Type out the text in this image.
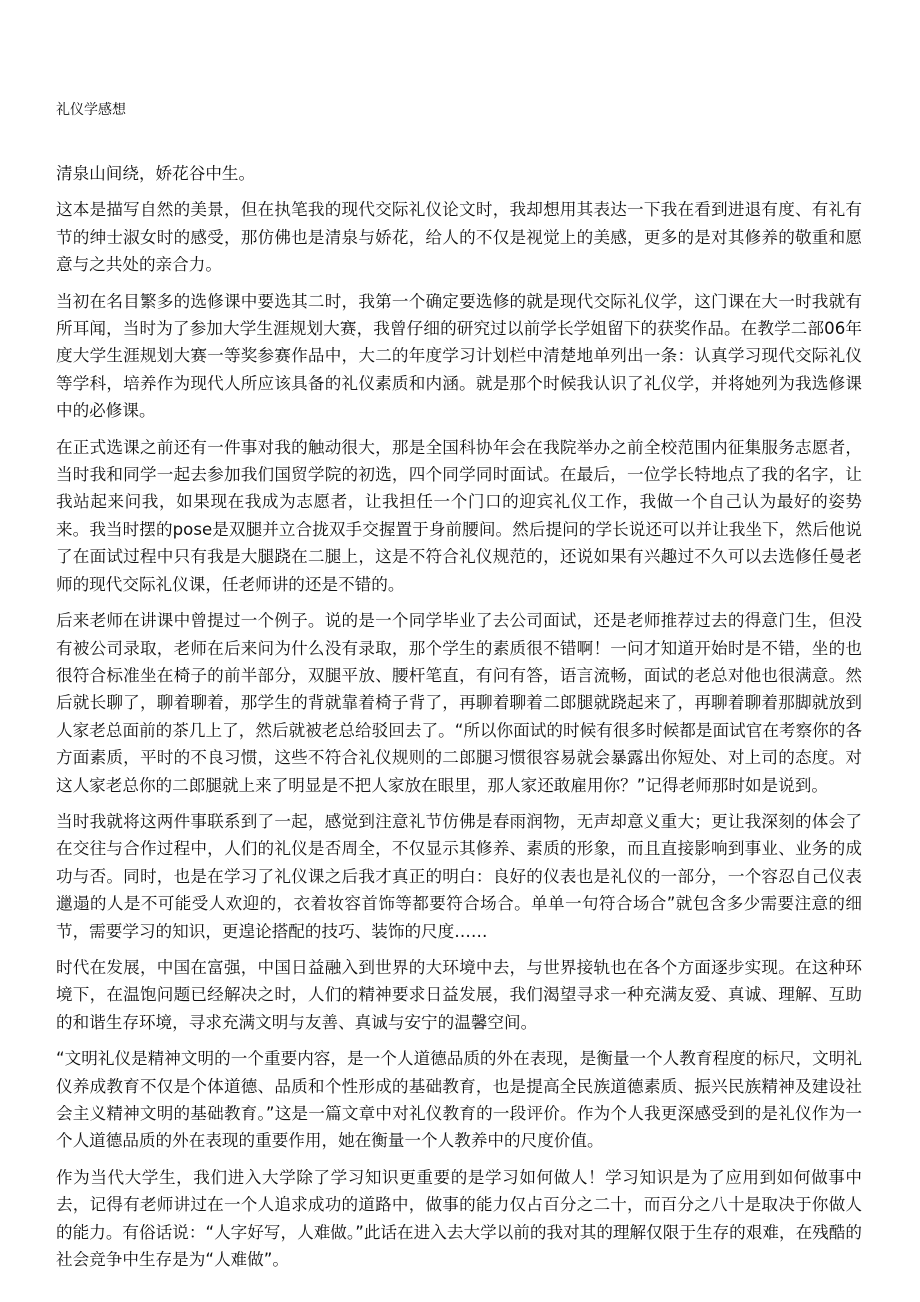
礼仪学感想

清泉山间绕，娇花谷中生。

这本是描写自然的美景，但在执笔我的现代交际礼仪论文时，我却想用其表达一下我在看到进退有度、有礼有节的绅士淑女时的感受，那仿佛也是清泉与娇花，给人的不仅是视觉上的美感，更多的是对其修养的敬重和愿意与之共处的亲合力。

当初在名目繁多的选修课中要选其二时，我第一个确定要选修的就是现代交际礼仪学，这门课在大一时我就有所耳闻，当时为了参加大学生涯规划大赛，我曾仔细的研究过以前学长学姐留下的获奖作品。在教学二部06年度大学生涯规划大赛一等奖参赛作品中，大二的年度学习计划栏中清楚地单列出一条：认真学习现代交际礼仪等学科，培养作为现代人所应该具备的礼仪素质和内涵。就是那个时候我认识了礼仪学，并将她列为我选修课中的必修课。

在正式选课之前还有一件事对我的触动很大，那是全国科协年会在我院举办之前全校范围内征集服务志愿者，当时我和同学一起去参加我们国贸学院的初选，四个同学同时面试。在最后，一位学长特地点了我的名字，让我站起来问我，如果现在我成为志愿者，让我担任一个门口的迎宾礼仪工作，我做一个自己认为最好的姿势来。我当时摆的pose是双腿并立合拢双手交握置于身前腰间。然后提问的学长说还可以并让我坐下，然后他说了在面试过程中只有我是大腿跷在二腿上，这是不符合礼仪规范的，还说如果有兴趣过不久可以去选修任曼老师的现代交际礼仪课，任老师讲的还是不错的。

后来老师在讲课中曾提过一个例子。说的是一个同学毕业了去公司面试，还是老师推荐过去的得意门生，但没有被公司录取，老师在后来问为什么没有录取，那个学生的素质很不错啊！一问才知道开始时是不错，坐的也很符合标准坐在椅子的前半部分，双腿平放、腰杆笔直，有问有答，语言流畅，面试的老总对他也很满意。然后就长聊了，聊着聊着，那学生的背就靠着椅子背了，再聊着聊着二郎腿就跷起来了，再聊着聊着那脚就放到人家老总面前的茶几上了，然后就被老总给驳回去了。“所以你面试的时候有很多时候都是面试官在考察你的各方面素质，平时的不良习惯，这些不符合礼仪规则的二郎腿习惯很容易就会暴露出你短处、对上司的态度。对这人家老总你的二郎腿就上来了明显是不把人家放在眼里，那人家还敢雇用你？”记得老师那时如是说到。

当时我就将这两件事联系到了一起，感觉到注意礼节仿佛是春雨润物，无声却意义重大；更让我深刻的体会了在交往与合作过程中，人们的礼仪是否周全，不仅显示其修养、素质的形象，而且直接影响到事业、业务的成功与否。同时，也是在学习了礼仪课之后我才真正的明白：良好的仪表也是礼仪的一部分，一个容忍自己仪表邋遢的人是不可能受人欢迎的，衣着妆容首饰等都要符合场合。单单一句符合场合”就包含多少需要注意的细节，需要学习的知识，更遑论搭配的技巧、装饰的尺度……

时代在发展，中国在富强，中国日益融入到世界的大环境中去，与世界接轨也在各个方面逐步实现。在这种环境下，在温饱问题已经解决之时，人们的精神要求日益发展，我们渴望寻求一种充满友爱、真诚、理解、互助的和谐生存环境，寻求充满文明与友善、真诚与安宁的温馨空间。

“文明礼仪是精神文明的一个重要内容，是一个人道德品质的外在表现，是衡量一个人教育程度的标尺，文明礼仪养成教育不仅是个体道德、品质和个性形成的基础教育，也是提高全民族道德素质、振兴民族精神及建设社会主义精神文明的基础教育。”这是一篇文章中对礼仪教育的一段评价。作为个人我更深感受到的是礼仪作为一个人道德品质的外在表现的重要作用，她在衡量一个人教养中的尺度价值。

作为当代大学生，我们进入大学除了学习知识更重要的是学习如何做人！学习知识是为了应用到如何做事中去，记得有老师讲过在一个人追求成功的道路中，做事的能力仅占百分之二十，而百分之八十是取决于你做人的能力。有俗话说：“人字好写，人难做。”此话在进入去大学以前的我对其的理解仅限于生存的艰难，在残酷的社会竞争中生存是为“人难做”。
